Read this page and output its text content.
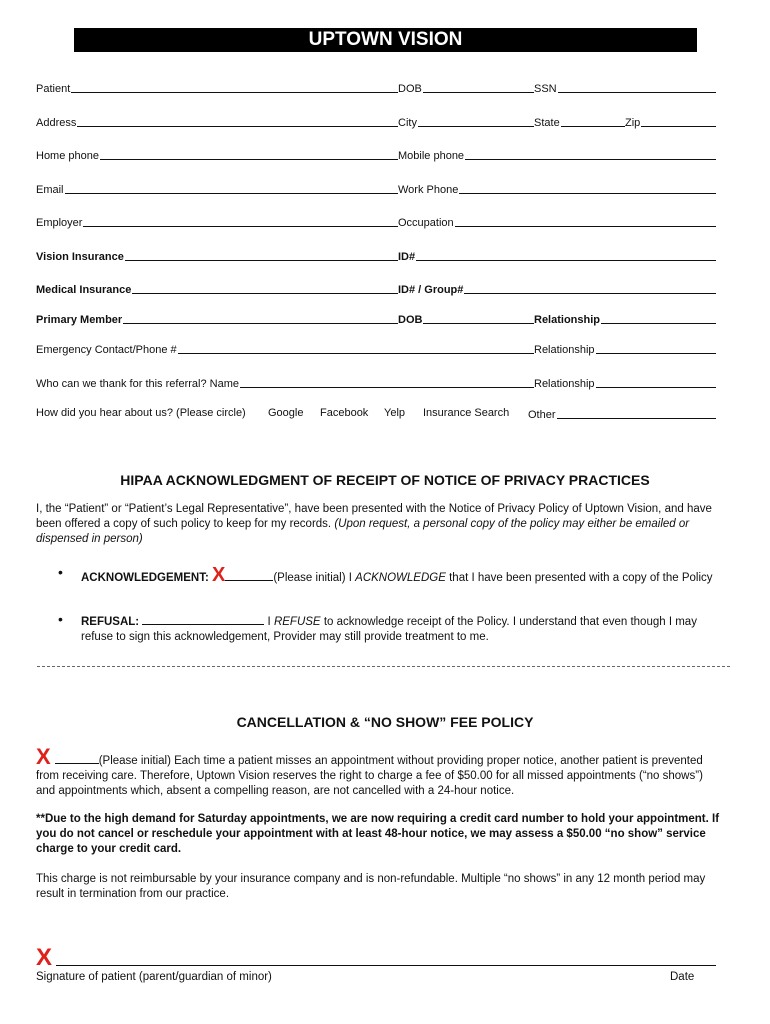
UPTOWN VISION
Patient	DOB	SSN
Address	City	State	Zip
Home phone	Mobile phone
Email	Work Phone
Employer	Occupation
Vision Insurance	ID#
Medical Insurance	ID# / Group#
Primary Member	DOB	Relationship
Emergency Contact/Phone #	Relationship
Who can we thank for this referral? Name	Relationship
How did you hear about us? (Please circle) Google Facebook Yelp Insurance Search Other
HIPAA ACKNOWLEDGMENT OF RECEIPT OF NOTICE OF PRIVACY PRACTICES
I, the “Patient” or “Patient’s Legal Representative”, have been presented with the Notice of Privacy Policy of Uptown Vision, and have been offered a copy of such policy to keep for my records. (Upon request, a personal copy of the policy may either be emailed or dispensed in person)
• ACKNOWLEDGEMENT: X	(Please initial) I ACKNOWLEDGE that I have been presented with a copy of the Policy
• REFUSAL:	I REFUSE to acknowledge receipt of the Policy. I understand that even though I may refuse to sign this acknowledgement, Provider may still provide treatment to me.
CANCELLATION & “NO SHOW” FEE POLICY
X	(Please initial) Each time a patient misses an appointment without providing proper notice, another patient is prevented from receiving care. Therefore, Uptown Vision reserves the right to charge a fee of $50.00 for all missed appointments (“no shows”) and appointments which, absent a compelling reason, are not cancelled with a 24-hour notice.
**Due to the high demand for Saturday appointments, we are now requiring a credit card number to hold your appointment. If you do not cancel or reschedule your appointment with at least 48-hour notice, we may assess a $50.00 “no show” service charge to your credit card.
This charge is not reimbursable by your insurance company and is non-refundable. Multiple “no shows” in any 12 month period may result in termination from our practice.
X
Signature of patient (parent/guardian of minor)	Date
